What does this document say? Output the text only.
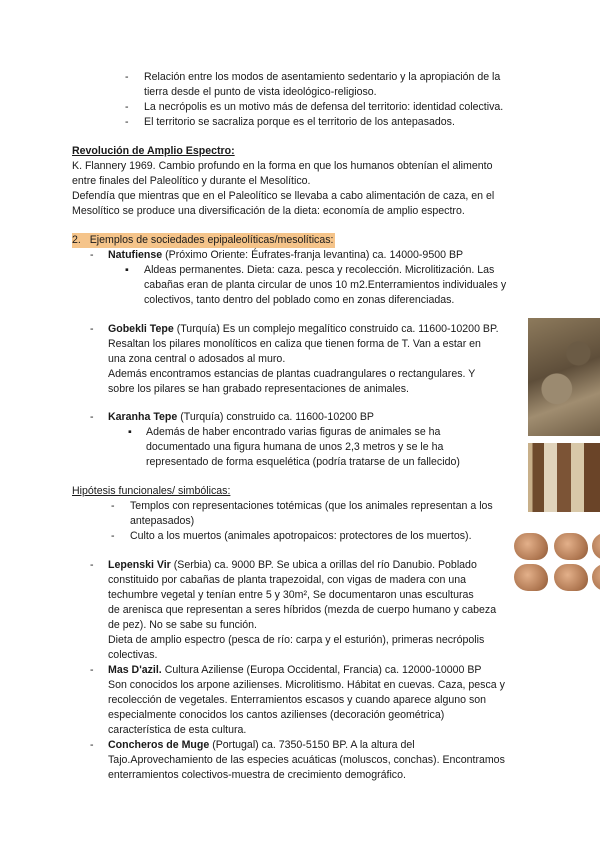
- Relación entre los modos de asentamiento sedentario y la apropiación de la
tierra desde el punto de vista ideológico-religioso.
- La necrópolis es un motivo más de defensa del territorio: identidad colectiva.
- El territorio se sacraliza porque es el territorio de los antepasados.
Revolución de Amplio Espectro:
K. Flannery 1969. Cambio profundo en la forma en que los humanos obtenían el alimento
entre finales del Paleolítico y durante el Mesolítico.
Defendía que mientras que en el Paleolítico se llevaba a cabo alimentación de caza, en el
Mesolítico se produce una diversificación de la dieta: economía de amplio espectro.
2. Ejemplos de sociedades epipaleolíticas/mesolíticas:
- Natufiense (Próximo Oriente: Éufrates-franja levantina) ca. 14000-9500 BP
▪ Aldeas permanentes. Dieta: caza. pesca y recolección. Microlitización. Las
cabañas eran de planta circular de unos 10 m2.Enterramientos individuales y
colectivos, tanto dentro del poblado como en zonas diferenciadas.
- Gobekli Tepe (Turquía) Es un complejo megalítico construido ca. 11600-10200 BP.
Resaltan los pilares monolíticos en caliza que tienen forma de T. Van a estar en
una zona central o adosados al muro.
Además encontramos estancias de plantas cuadrangulares o rectangulares. Y
sobre los pilares se han grabado representaciones de animales.
- Karanha Tepe (Turquía) construido ca. 11600-10200 BP
▪ Además de haber encontrado varias figuras de animales se ha
documentado una figura humana de unos 2,3 metros y se le ha
representado de forma esquelética (podría tratarse de un fallecido)
Hipótesis funcionales/ simbólicas:
- Templos con representaciones totémicas (que los animales representan a los
antepasados)
- Culto a los muertos (animales apotropaicos: protectores de los muertos).
- Lepenski Vir (Serbia) ca. 9000 BP. Se ubica a orillas del río Danubio. Poblado
constituido por cabañas de planta trapezoidal, con vigas de madera con una
techumbre vegetal y tenían entre 5 y 30m², Se documentaron unas esculturas
de arenisca que representan a seres híbridos (mezda de cuerpo humano y cabeza
de pez). No se sabe su función.
Dieta de amplio espectro (pesca de río: carpa y el esturión), primeras necrópolis
colectivas.
- Mas D'azil. Cultura Aziliense (Europa Occidental, Francia) ca. 12000-10000 BP
Son conocidos los arpone azilienses. Microlitismo. Hábitat en cuevas. Caza, pesca y
recolección de vegetales. Enterramientos escasos y cuando aparece alguno son
especialmente conocidos los cantos azilienses (decoración geométrica)
característica de esta cultura.
- Concheros de Muge (Portugal) ca. 7350-5150 BP. A la altura del
Tajo.Aprovechamiento de las especies acuáticas (moluscos, conchas). Encontramos
enterramientos colectivos-muestra de crecimiento demográfico.
